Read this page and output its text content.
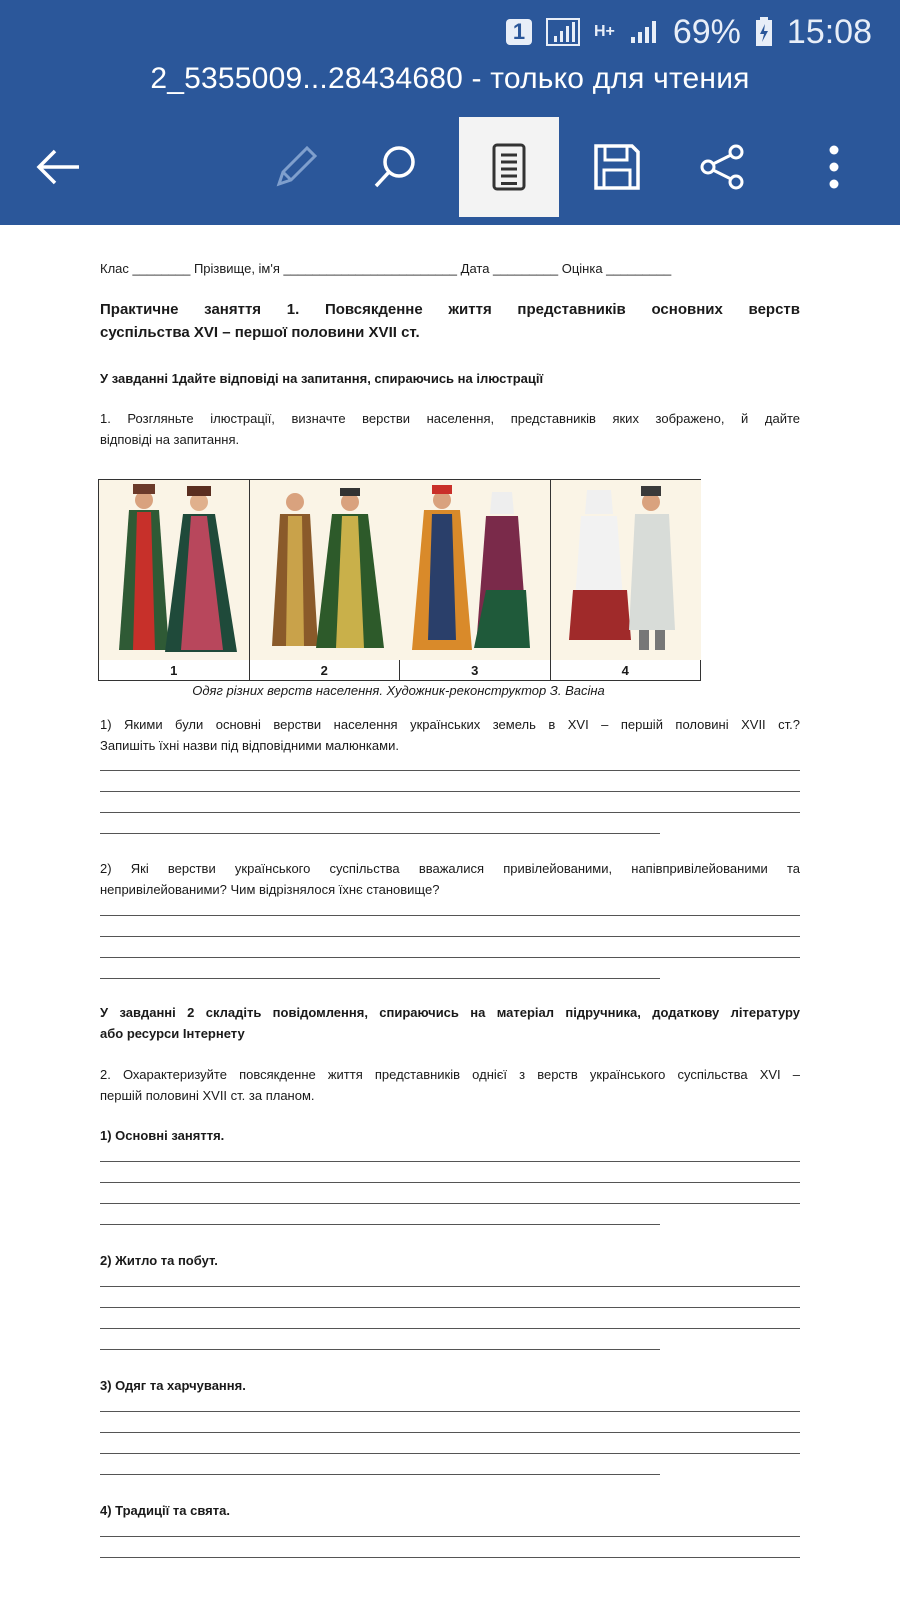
1	H+ 69% 15:08
2_5355009...28434680 - только для чтения
Клас ________ Прізвище, ім'я ________________________ Дата _________ Оцінка _________
Практичне заняття 1. Повсякденне життя представників основних верств
суспільства XVI – першої половини XVII ст.
У завданні 1дайте відповіді на запитання, спираючись на ілюстрації
1. Розгляньте ілюстрації, визначте верстви населення, представників яких зображено, й дайте
відповіді на запитання.
1	2	3	4
Одяг різних верств населення. Художник-реконструктор З. Васіна
1) Якими були основні верстви населення українських земель в XVI – першій половині XVII ст.?
Запишіть їхні назви під відповідними малюнками.
2) Які верстви українського суспільства вважалися привілейованими, напівпривілейованими та
непривілейованими? Чим відрізнялося їхнє становище?
У завданні 2 складіть повідомлення, спираючись на матеріал підручника, додаткову літературу
або ресурси Інтернету
2. Охарактеризуйте повсякденне життя представників однієї з верств українського суспільства XVI –
першій половині XVII ст. за планом.
1) Основні заняття.
2) Житло та побут.
3) Одяг та харчування.
4) Традиції та свята.
